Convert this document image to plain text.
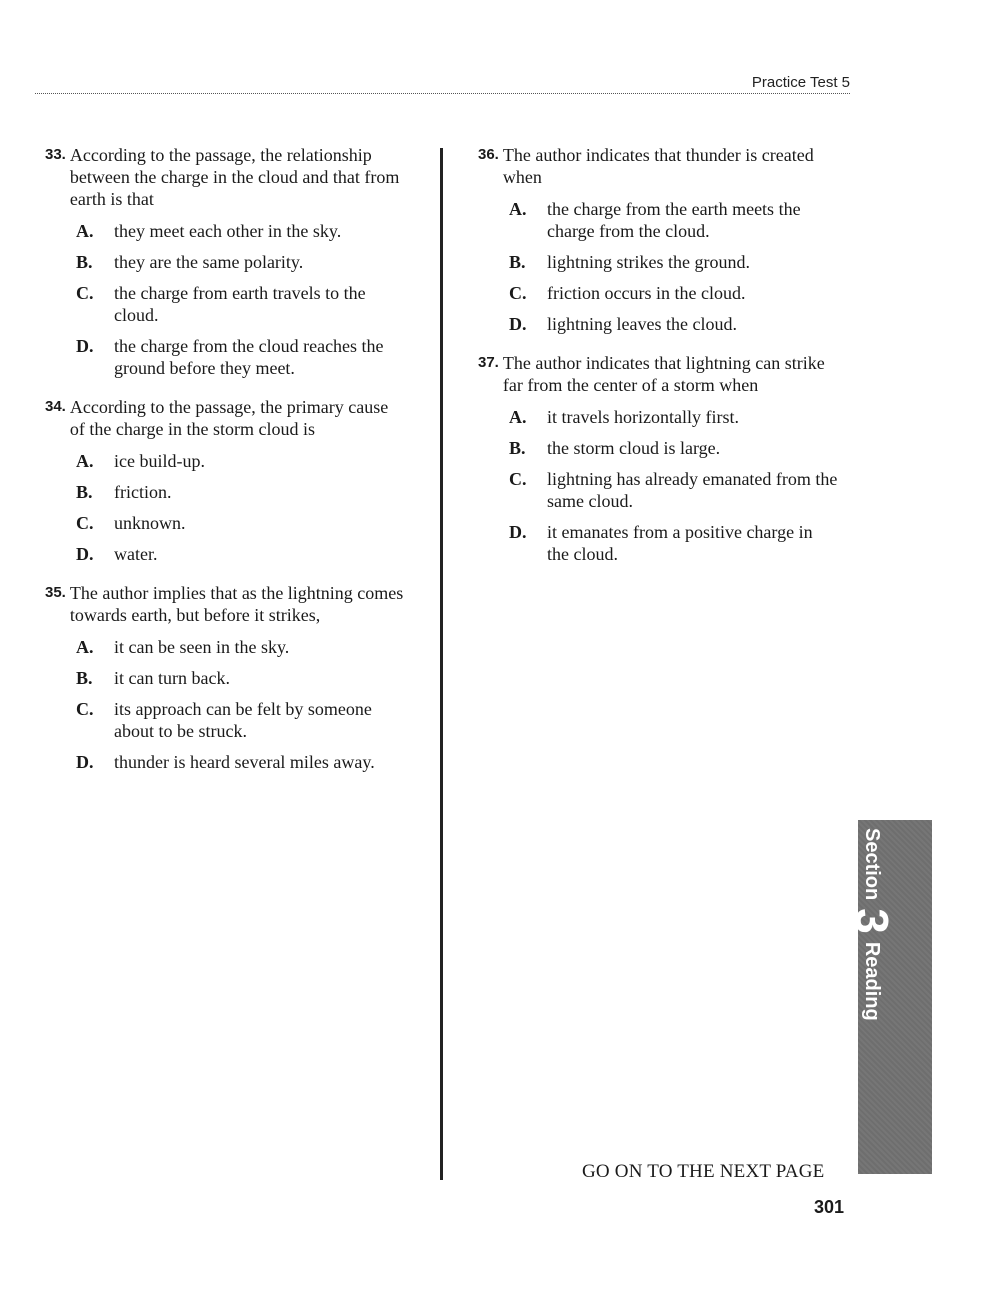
Practice Test 5
33. According to the passage, the relationship between the charge in the cloud and that from earth is that
A.	they meet each other in the sky.
B.	they are the same polarity.
C.	the charge from earth travels to the cloud.
D.	the charge from the cloud reaches the ground before they meet.
34. According to the passage, the primary cause of the charge in the storm cloud is
A.	ice build-up.
B.	friction.
C.	unknown.
D.	water.
35. The author implies that as the lightning comes towards earth, but before it strikes,
A.	it can be seen in the sky.
B.	it can turn back.
C.	its approach can be felt by someone about to be struck.
D.	thunder is heard several miles away.
36. The author indicates that thunder is created when
A.	the charge from the earth meets the charge from the cloud.
B.	lightning strikes the ground.
C.	friction occurs in the cloud.
D.	lightning leaves the cloud.
37. The author indicates that lightning can strike far from the center of a storm when
A.	it travels horizontally first.
B.	the storm cloud is large.
C.	lightning has already emanated from the same cloud.
D.	it emanates from a positive charge in the cloud.
Section
3
Reading
GO ON TO THE NEXT PAGE
301
